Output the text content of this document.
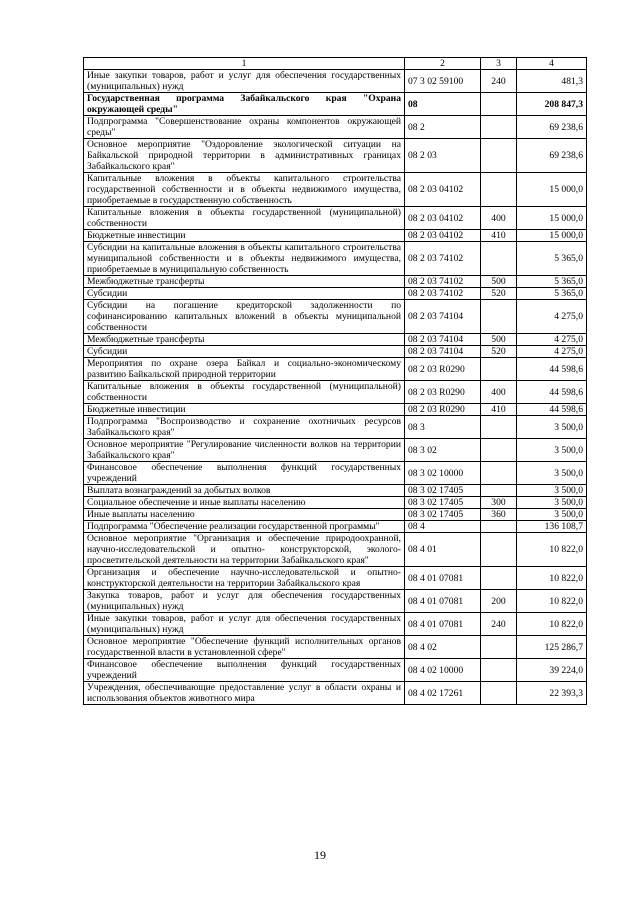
1	2	3	4
Иные закупки товаров, работ и услуг для обеспечения государственных (муниципальных) нужд	07 3 02 59100	240	481,3
Государственная программа Забайкальского края "Охрана окружающей среды"	08		208 847,3
Подпрограмма "Совершенствование охраны компонентов окружающей среды"	08 2		69 238,6
Основное мероприятие "Оздоровление экологической ситуации на Байкальской природной территории в административных границах Забайкальского края"	08 2 03		69 238,6
Капитальные вложения в объекты капитального строительства государственной собственности и в объекты недвижимого имущества, приобретаемые в государственную собственность	08 2 03 04102		15 000,0
Капитальные вложения в объекты государственной (муниципальной) собственности	08 2 03 04102	400	15 000,0
Бюджетные инвестиции	08 2 03 04102	410	15 000,0
Субсидии на капитальные вложения в объекты капитального строительства муниципальной собственности и в объекты недвижимого имущества, приобретаемые в муниципальную собственность	08 2 03 74102		5 365,0
Межбюджетные трансферты	08 2 03 74102	500	5 365,0
Субсидии	08 2 03 74102	520	5 365,0
Субсидии на погашение кредиторской задолженности по софинансированию капитальных вложений в объекты муниципальной собственности	08 2 03 74104		4 275,0
Межбюджетные трансферты	08 2 03 74104	500	4 275,0
Субсидии	08 2 03 74104	520	4 275,0
Мероприятия по охране озера Байкал и социально-экономическому развитию Байкальской природной территории	08 2 03 R0290		44 598,6
Капитальные вложения в объекты государственной (муниципальной) собственности	08 2 03 R0290	400	44 598,6
Бюджетные инвестиции	08 2 03 R0290	410	44 598,6
Подпрограмма "Воспроизводство и сохранение охотничьих ресурсов Забайкальского края"	08 3		3 500,0
Основное мероприятие "Регулирование численности волков на территории Забайкальского края"	08 3 02		3 500,0
Финансовое обеспечение выполнения функций государственных учреждений	08 3 02 10000		3 500,0
Выплата вознаграждений за добытых волков	08 3 02 17405		3 500,0
Социальное обеспечение и иные выплаты населению	08 3 02 17405	300	3 500,0
Иные выплаты населению	08 3 02 17405	360	3 500,0
Подпрограмма "Обеспечение реализации государственной программы"	08 4		136 108,7
Основное мероприятие "Организация и обеспечение природоохранной, научно-исследовательской и опытно- конструкторской, эколого-просветительской деятельности на территории Забайкальского края"	08 4 01		10 822,0
Организация и обеспечение научно-исследовательской и опытно-конструкторской деятельности на территории Забайкальского края	08 4 01 07081		10 822,0
Закупка товаров, работ и услуг для обеспечения государственных (муниципальных) нужд	08 4 01 07081	200	10 822,0
Иные закупки товаров, работ и услуг для обеспечения государственных (муниципальных) нужд	08 4 01 07081	240	10 822,0
Основное мероприятие "Обеспечение функций исполнительных органов государственной власти в установленной сфере"	08 4 02		125 286,7
Финансовое обеспечение выполнения функций государственных учреждений	08 4 02 10000		39 224,0
Учреждения, обеспечивающие предоставление услуг в области охраны и использования объектов животного мира	08 4 02 17261		22 393,3
19
